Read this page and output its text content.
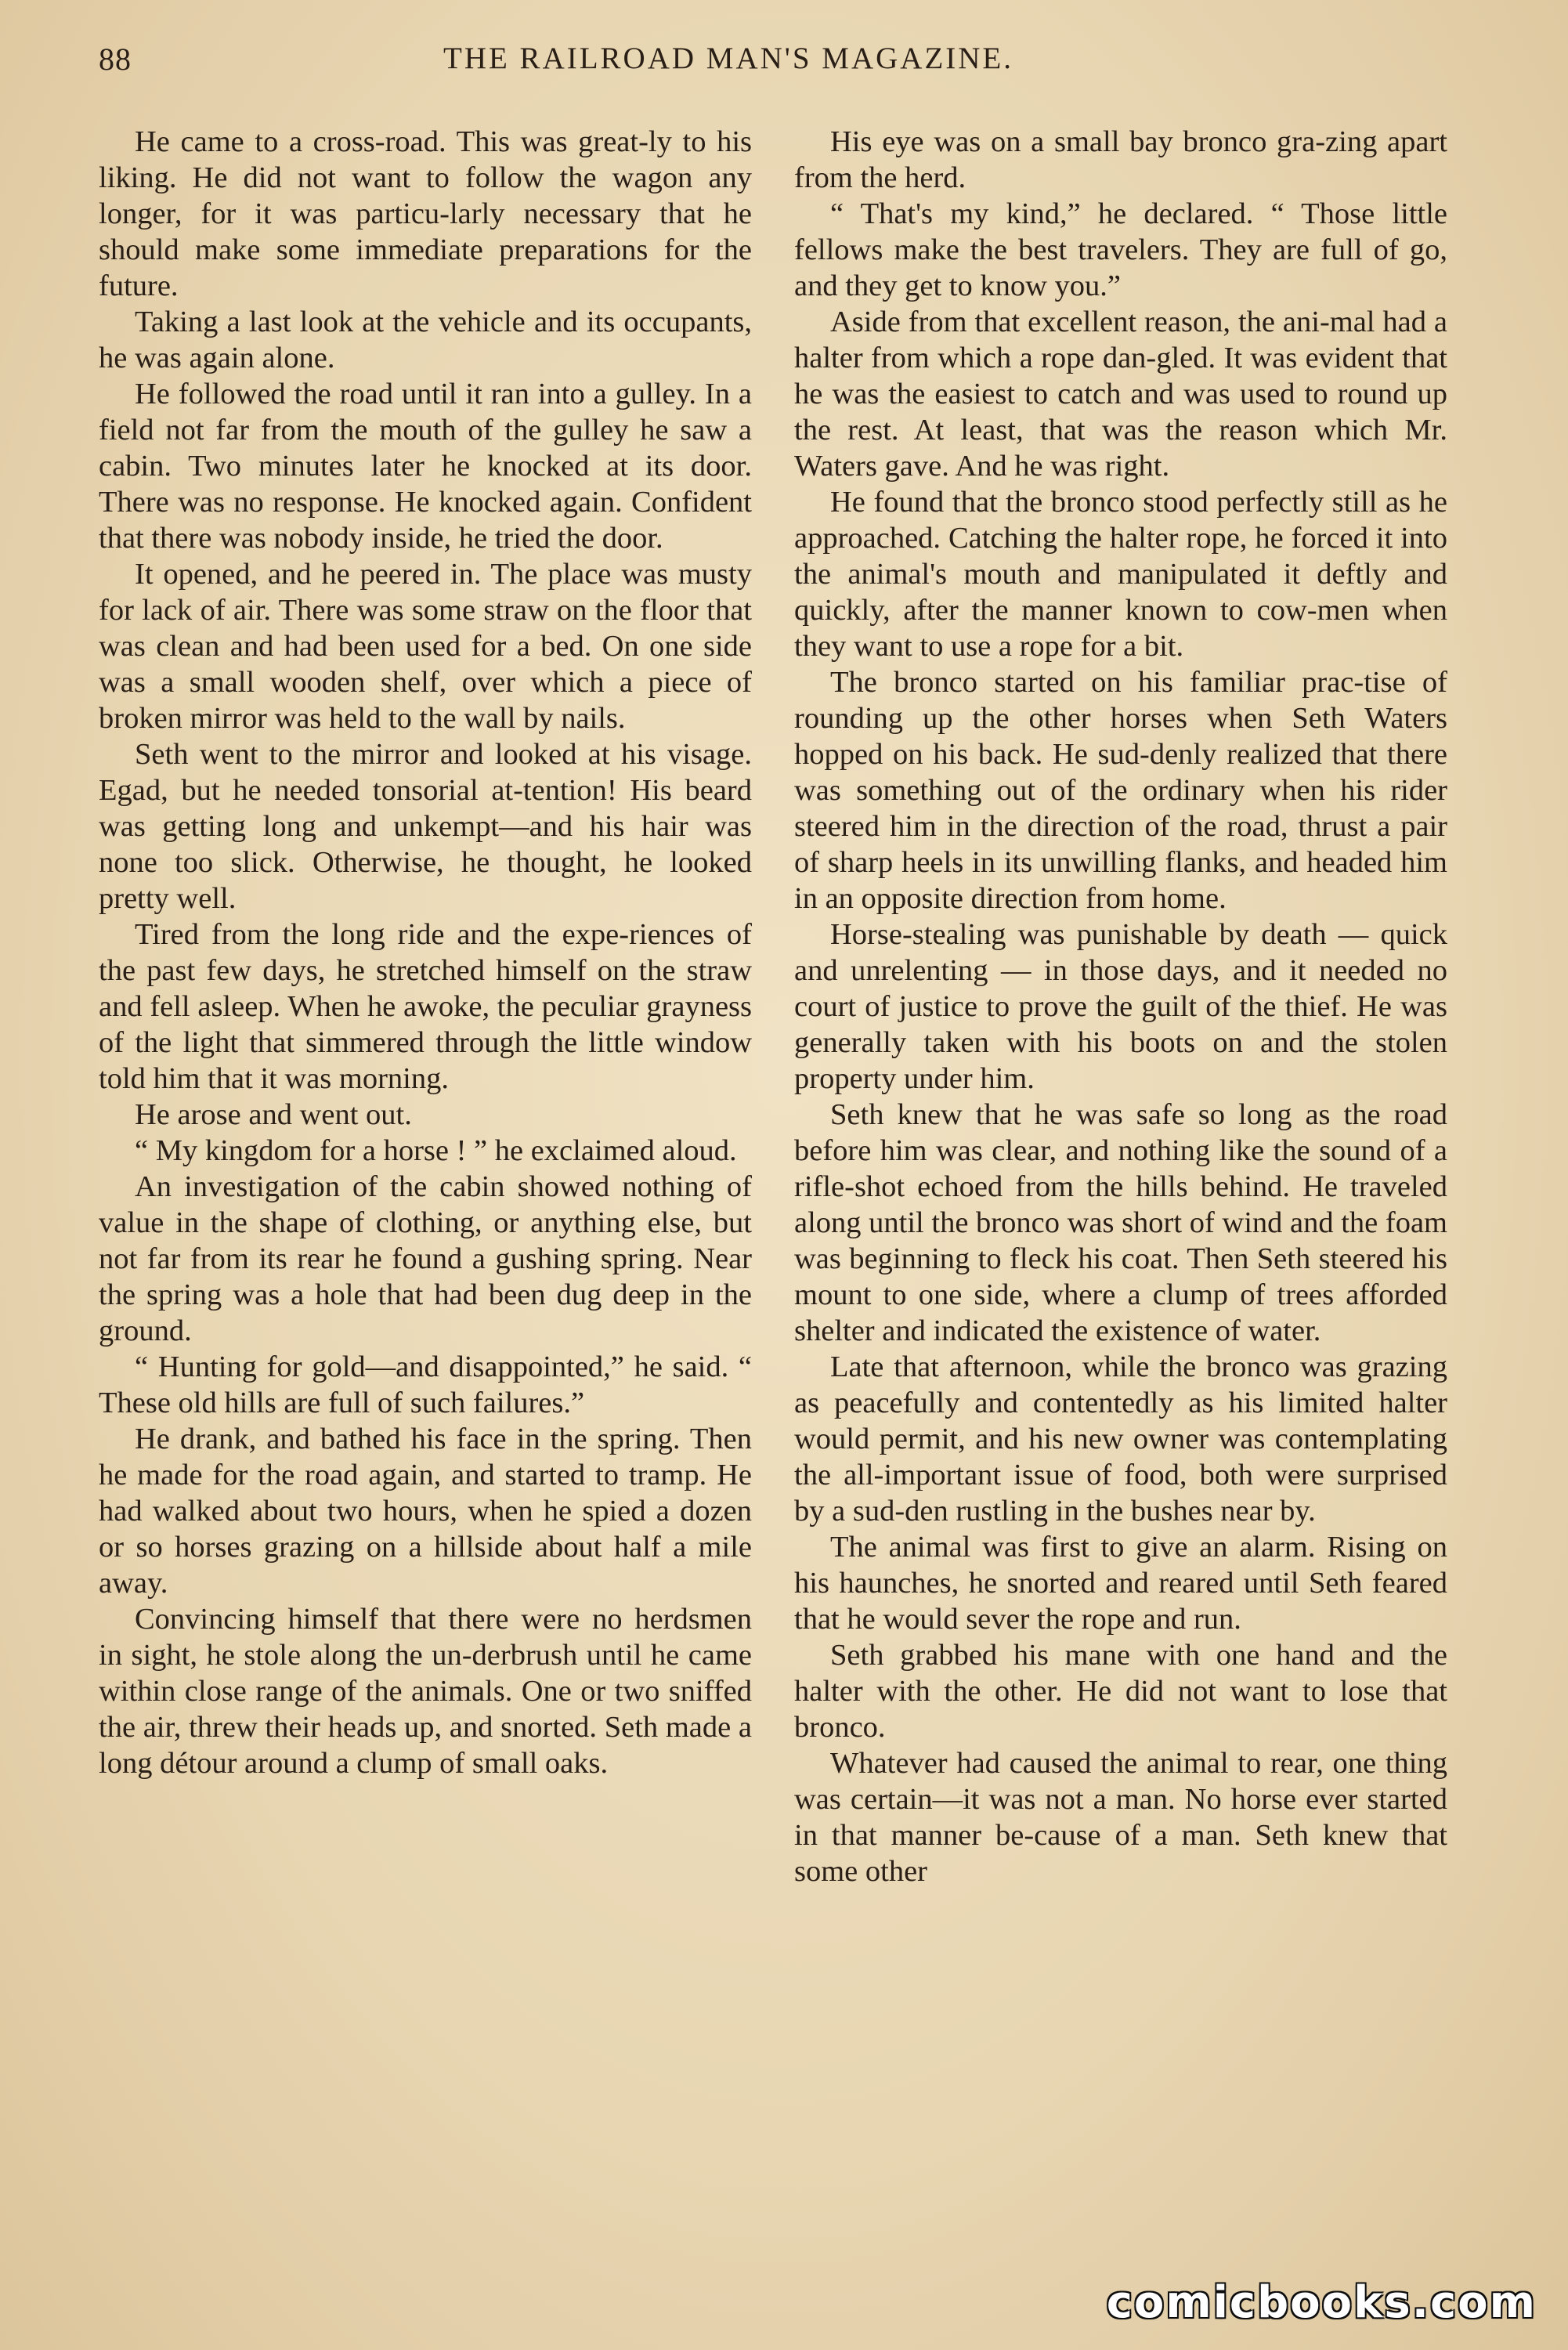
88	THE RAILROAD MAN'S MAGAZINE.

He came to a cross-road. This was great-ly to his liking. He did not want to follow the wagon any longer, for it was particu-larly necessary that he should make some immediate preparations for the future.

Taking a last look at the vehicle and its occupants, he was again alone.

He followed the road until it ran into a gulley. In a field not far from the mouth of the gulley he saw a cabin. Two minutes later he knocked at its door. There was no response. He knocked again. Confident that there was nobody inside, he tried the door.

It opened, and he peered in. The place was musty for lack of air. There was some straw on the floor that was clean and had been used for a bed. On one side was a small wooden shelf, over which a piece of broken mirror was held to the wall by nails.

Seth went to the mirror and looked at his visage. Egad, but he needed tonsorial at-tention! His beard was getting long and unkempt—and his hair was none too slick. Otherwise, he thought, he looked pretty well.

Tired from the long ride and the expe-riences of the past few days, he stretched himself on the straw and fell asleep. When he awoke, the peculiar grayness of the light that simmered through the little window told him that it was morning.

He arose and went out.

“ My kingdom for a horse ! ” he exclaimed aloud.

An investigation of the cabin showed nothing of value in the shape of clothing, or anything else, but not far from its rear he found a gushing spring. Near the spring was a hole that had been dug deep in the ground.

“ Hunting for gold—and disappointed,” he said. “ These old hills are full of such failures.”

He drank, and bathed his face in the spring. Then he made for the road again, and started to tramp. He had walked about two hours, when he spied a dozen or so horses grazing on a hillside about half a mile away.

Convincing himself that there were no herdsmen in sight, he stole along the un-derbrush until he came within close range of the animals. One or two sniffed the air, threw their heads up, and snorted. Seth made a long détour around a clump of small oaks.

His eye was on a small bay bronco gra-zing apart from the herd.

“ That's my kind,” he declared. “ Those little fellows make the best travelers. They are full of go, and they get to know you.”

Aside from that excellent reason, the ani-mal had a halter from which a rope dan-gled. It was evident that he was the easiest to catch and was used to round up the rest. At least, that was the reason which Mr. Waters gave. And he was right.

He found that the bronco stood perfectly still as he approached. Catching the halter rope, he forced it into the animal's mouth and manipulated it deftly and quickly, after the manner known to cow-men when they want to use a rope for a bit.

The bronco started on his familiar prac-tise of rounding up the other horses when Seth Waters hopped on his back. He sud-denly realized that there was something out of the ordinary when his rider steered him in the direction of the road, thrust a pair of sharp heels in its unwilling flanks, and headed him in an opposite direction from home.

Horse-stealing was punishable by death — quick and unrelenting — in those days, and it needed no court of justice to prove the guilt of the thief. He was generally taken with his boots on and the stolen property under him.

Seth knew that he was safe so long as the road before him was clear, and nothing like the sound of a rifle-shot echoed from the hills behind. He traveled along until the bronco was short of wind and the foam was beginning to fleck his coat. Then Seth steered his mount to one side, where a clump of trees afforded shelter and indicated the existence of water.

Late that afternoon, while the bronco was grazing as peacefully and contentedly as his limited halter would permit, and his new owner was contemplating the all-important issue of food, both were surprised by a sud-den rustling in the bushes near by.

The animal was first to give an alarm. Rising on his haunches, he snorted and reared until Seth feared that he would sever the rope and run.

Seth grabbed his mane with one hand and the halter with the other. He did not want to lose that bronco.

Whatever had caused the animal to rear, one thing was certain—it was not a man. No horse ever started in that manner be-cause of a man. Seth knew that some other

comicbooks.com
